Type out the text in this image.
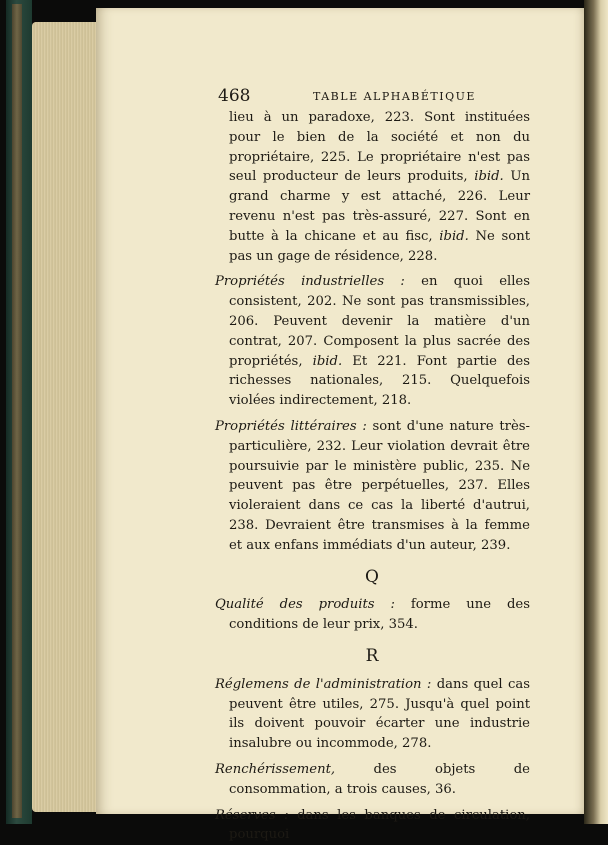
468	TABLE ALPHABÉTIQUE

lieu à un paradoxe, 223. Sont instituées pour le bien de la société et non du propriétaire, 225. Le propriétaire n'est pas seul producteur de leurs produits, ibid. Un grand charme y est attaché, 226. Leur revenu n'est pas très-assuré, 227. Sont en butte à la chicane et au fisc, ibid. Ne sont pas un gage de résidence, 228.

Propriétés industrielles : en quoi elles consistent, 202. Ne sont pas transmissibles, 206. Peuvent devenir la matière d'un contrat, 207. Composent la plus sacrée des propriétés, ibid. Et 221. Font partie des richesses nationales, 215. Quelquefois violées indirectement, 218.

Propriétés littéraires : sont d'une nature très-particulière, 232. Leur violation devrait être poursuivie par le ministère public, 235. Ne peuvent pas être perpétuelles, 237. Elles violeraient dans ce cas la liberté d'autrui, 238. Devraient être transmises à la femme et aux enfans immédiats d'un auteur, 239.

Q

Qualité des produits : forme une des conditions de leur prix, 354.

R

Réglemens de l'administration : dans quel cas peuvent être utiles, 275. Jusqu'à quel point ils doivent pouvoir écarter une industrie insalubre ou incommode, 278.

Renchérissement, des objets de consommation, a trois causes, 36.

Réserves : dans les banques de circulation, pourquoi
